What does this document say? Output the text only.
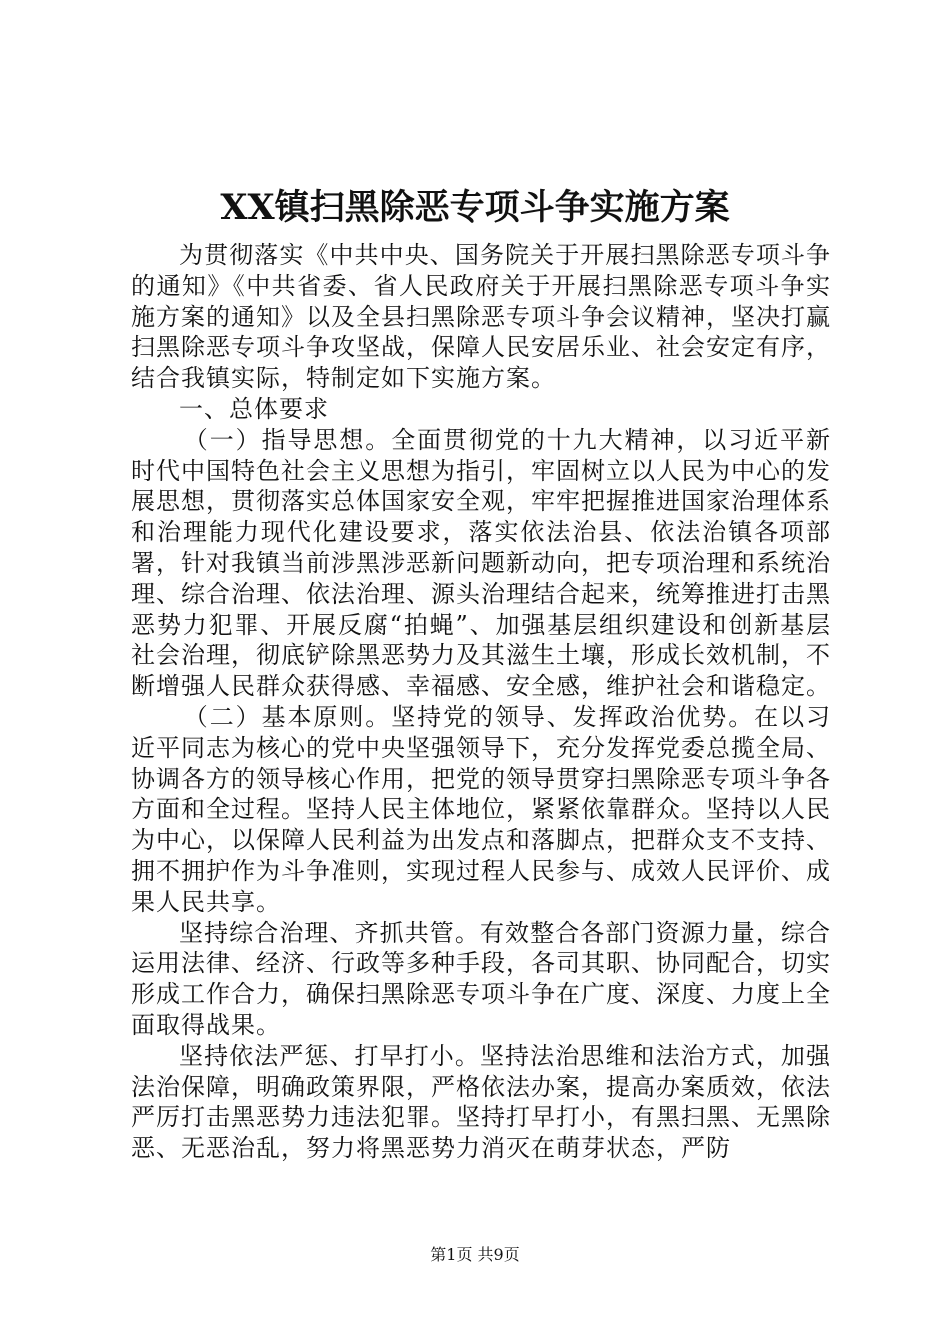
XX镇扫黑除恶专项斗争实施方案

为贯彻落实《中共中央、国务院关于开展扫黑除恶专项斗争的通知》《中共省委、省人民政府关于开展扫黑除恶专项斗争实施方案的通知》以及全县扫黑除恶专项斗争会议精神，坚决打赢扫黑除恶专项斗争攻坚战，保障人民安居乐业、社会安定有序，结合我镇实际，特制定如下实施方案。

一、总体要求

（一）指导思想。全面贯彻党的十九大精神，以习近平新时代中国特色社会主义思想为指引，牢固树立以人民为中心的发展思想，贯彻落实总体国家安全观，牢牢把握推进国家治理体系和治理能力现代化建设要求，落实依法治县、依法治镇各项部署，针对我镇当前涉黑涉恶新问题新动向，把专项治理和系统治理、综合治理、依法治理、源头治理结合起来，统筹推进打击黑恶势力犯罪、开展反腐“拍蝇”、加强基层组织建设和创新基层社会治理，彻底铲除黑恶势力及其滋生土壤，形成长效机制，不断增强人民群众获得感、幸福感、安全感，维护社会和谐稳定。

（二）基本原则。坚持党的领导、发挥政治优势。在以习近平同志为核心的党中央坚强领导下，充分发挥党委总揽全局、协调各方的领导核心作用，把党的领导贯穿扫黑除恶专项斗争各方面和全过程。坚持人民主体地位，紧紧依靠群众。坚持以人民为中心，以保障人民利益为出发点和落脚点，把群众支不支持、拥不拥护作为斗争准则，实现过程人民参与、成效人民评价、成果人民共享。

坚持综合治理、齐抓共管。有效整合各部门资源力量，综合运用法律、经济、行政等多种手段，各司其职、协同配合，切实形成工作合力，确保扫黑除恶专项斗争在广度、深度、力度上全面取得战果。

坚持依法严惩、打早打小。坚持法治思维和法治方式，加强法治保障，明确政策界限，严格依法办案，提高办案质效，依法严厉打击黑恶势力违法犯罪。坚持打早打小，有黑扫黑、无黑除恶、无恶治乱，努力将黑恶势力消灭在萌芽状态，严防

第1页 共9页
